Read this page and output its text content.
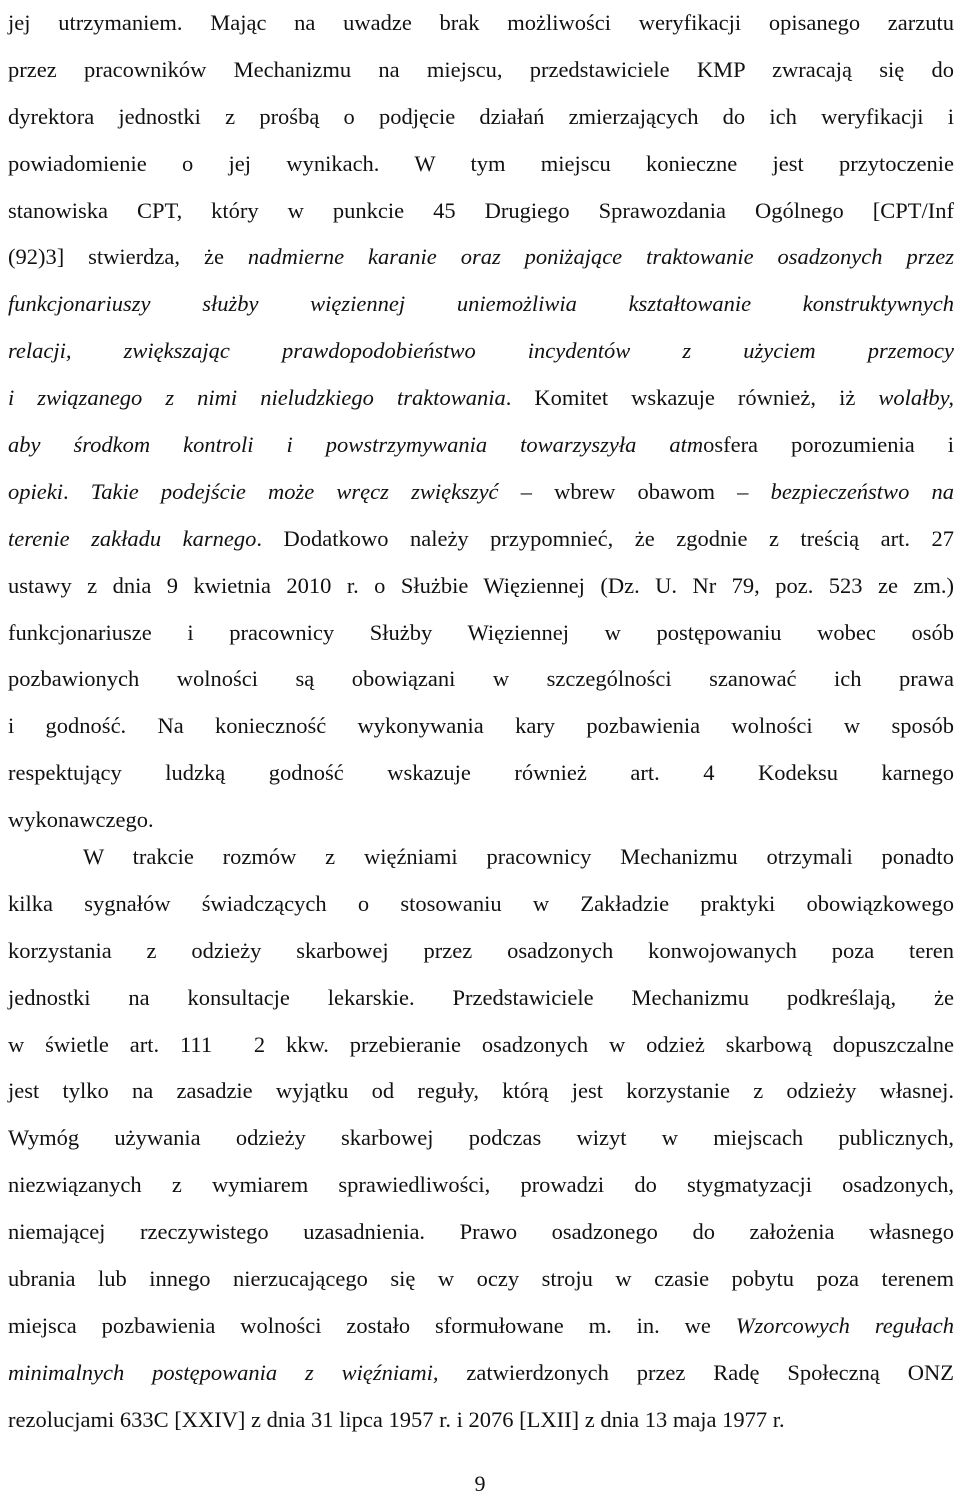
jej utrzymaniem. Mając na uwadze brak możliwości weryfikacji opisanego zarzutu
przez pracowników Mechanizmu na miejscu, przedstawiciele KMP zwracają się do
dyrektora jednostki z prośbą o podjęcie działań zmierzających do ich weryfikacji i
powiadomienie o jej wynikach. W tym miejscu konieczne jest przytoczenie
stanowiska CPT, który w punkcie 45 Drugiego Sprawozdania Ogólnego [CPT/Inf
(92)3] stwierdza, że nadmierne karanie oraz poniżające traktowanie osadzonych przez
funkcjonariuszy służby więziennej uniemożliwia kształtowanie konstruktywnych
relacji, zwiększając prawdopodobieństwo incydentów z użyciem przemocy
i związanego z nimi nieludzkiego traktowania. Komitet wskazuje również, iż wolałby,
aby środkom kontroli i powstrzymywania towarzyszyła atmosfera porozumienia i
opieki. Takie podejście może wręcz zwiększyć – wbrew obawom – bezpieczeństwo na
terenie zakładu karnego. Dodatkowo należy przypomnieć, że zgodnie z treścią art. 27
ustawy z dnia 9 kwietnia 2010 r. o Służbie Więziennej (Dz. U. Nr 79, poz. 523 ze zm.)
funkcjonariusze i pracownicy Służby Więziennej w postępowaniu wobec osób
pozbawionych wolności są obowiązani w szczególności szanować ich prawa
i godność. Na konieczność wykonywania kary pozbawienia wolności w sposób
respektujący ludzką godność wskazuje również art. 4 Kodeksu karnego
wykonawczego.
W trakcie rozmów z więźniami pracownicy Mechanizmu otrzymali ponadto
kilka sygnałów świadczących o stosowaniu w Zakładzie praktyki obowiązkowego
korzystania z odzieży skarbowej przez osadzonych konwojowanych poza teren
jednostki na konsultacje lekarskie. Przedstawiciele Mechanizmu podkreślają, że
w świetle art. 111  2 kkw. przebieranie osadzonych w odzież skarbową dopuszczalne
jest tylko na zasadzie wyjątku od reguły, którą jest korzystanie z odzieży własnej.
Wymóg używania odzieży skarbowej podczas wizyt w miejscach publicznych,
niezwiązanych z wymiarem sprawiedliwości, prowadzi do stygmatyzacji osadzonych,
niemającej rzeczywistego uzasadnienia. Prawo osadzonego do założenia własnego
ubrania lub innego nierzucającego się w oczy stroju w czasie pobytu poza terenem
miejsca pozbawienia wolności zostało sformułowane m. in. we Wzorcowych regułach
minimalnych postępowania z więźniami, zatwierdzonych przez Radę Społeczną ONZ
rezolucjami 633C [XXIV] z dnia 31 lipca 1957 r. i 2076 [LXII] z dnia 13 maja 1977 r.
9
